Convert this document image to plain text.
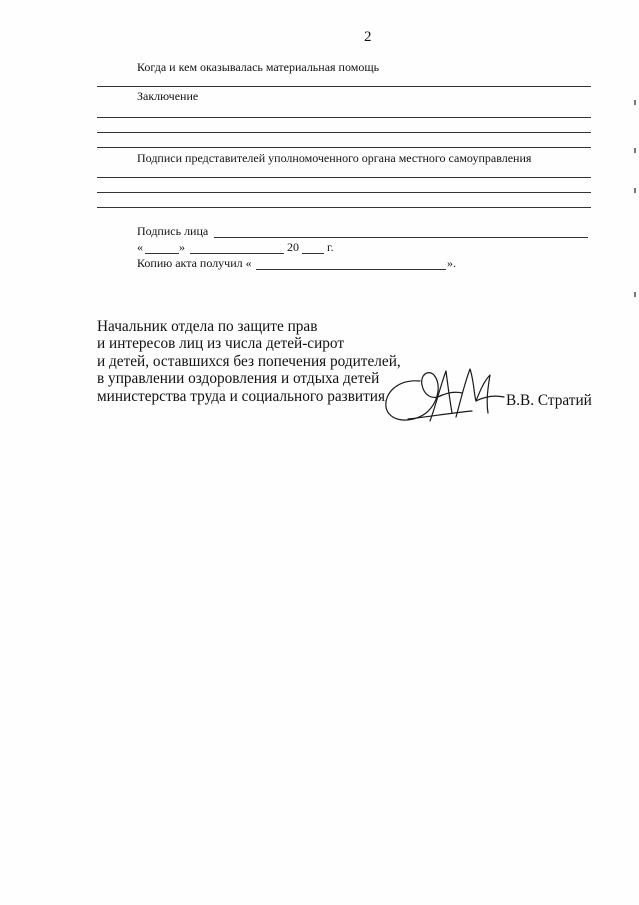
2
Когда и кем оказывалась материальная помощь
Заключение
Подписи представителей уполномоченного органа местного самоуправления
Подпись лица
«	»	20 г.
Копию акта получил «	».
Начальник отдела по защите прав
и интересов лиц из числа детей-сирот
и детей, оставшихся без попечения родителей,
в управлении оздоровления и отдыха детей
министерства труда и социального развития	В.В. Стратий
